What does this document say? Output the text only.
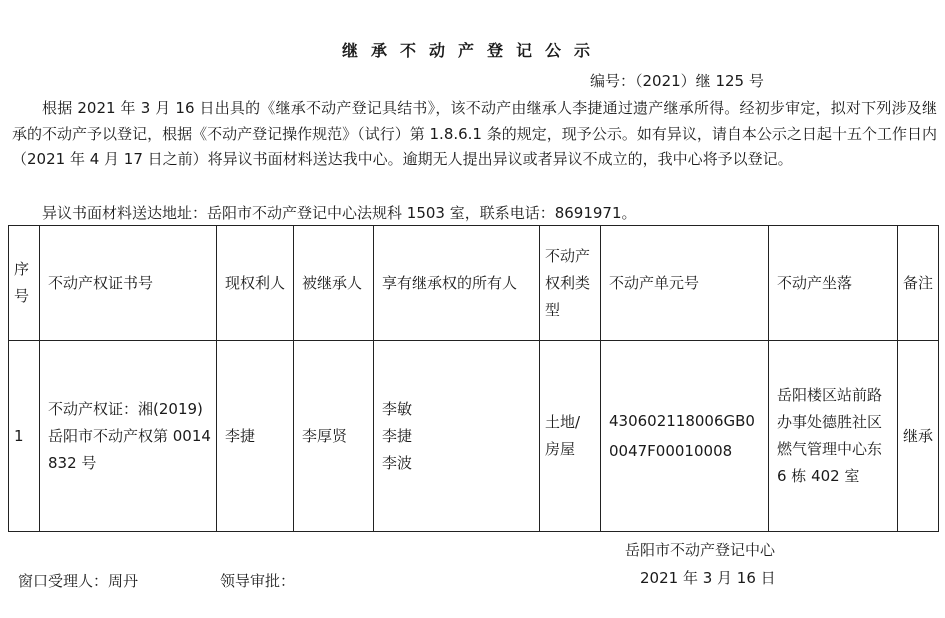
继承不动产登记公示
编号：（2021）继 125 号

根据 2021 年 3 月 16 日出具的《继承不动产登记具结书》，该不动产由继承人李捷通过遗产继承所得。经初步审定，拟对下列涉及继承的不动产予以登记，根据《不动产登记操作规范》（试行）第 1.8.6.1 条的规定，现予公示。如有异议，请自本公示之日起十五个工作日内（2021 年 4 月 17 日之前）将异议书面材料送达我中心。逾期无人提出异议或者异议不成立的，我中心将予以登记。

异议书面材料送达地址：岳阳市不动产登记中心法规科 1503 室，联系电话：8691971。

序号	不动产权证书号	现权利人	被继承人	享有继承权的所有人	不动产权利类型	不动产单元号	不动产坐落	备注
1	不动产权证：湘(2019)岳阳市不动产权第 0014832 号	李捷	李厚贤	李敏
李捷
李波	土地/房屋	430602118006GB00047F00010008	岳阳楼区站前路办事处德胜社区燃气管理中心东 6 栋 402 室	继承
岳阳市不动产登记中心
2021 年 3 月 16 日
窗口受理人：周丹	领导审批：
